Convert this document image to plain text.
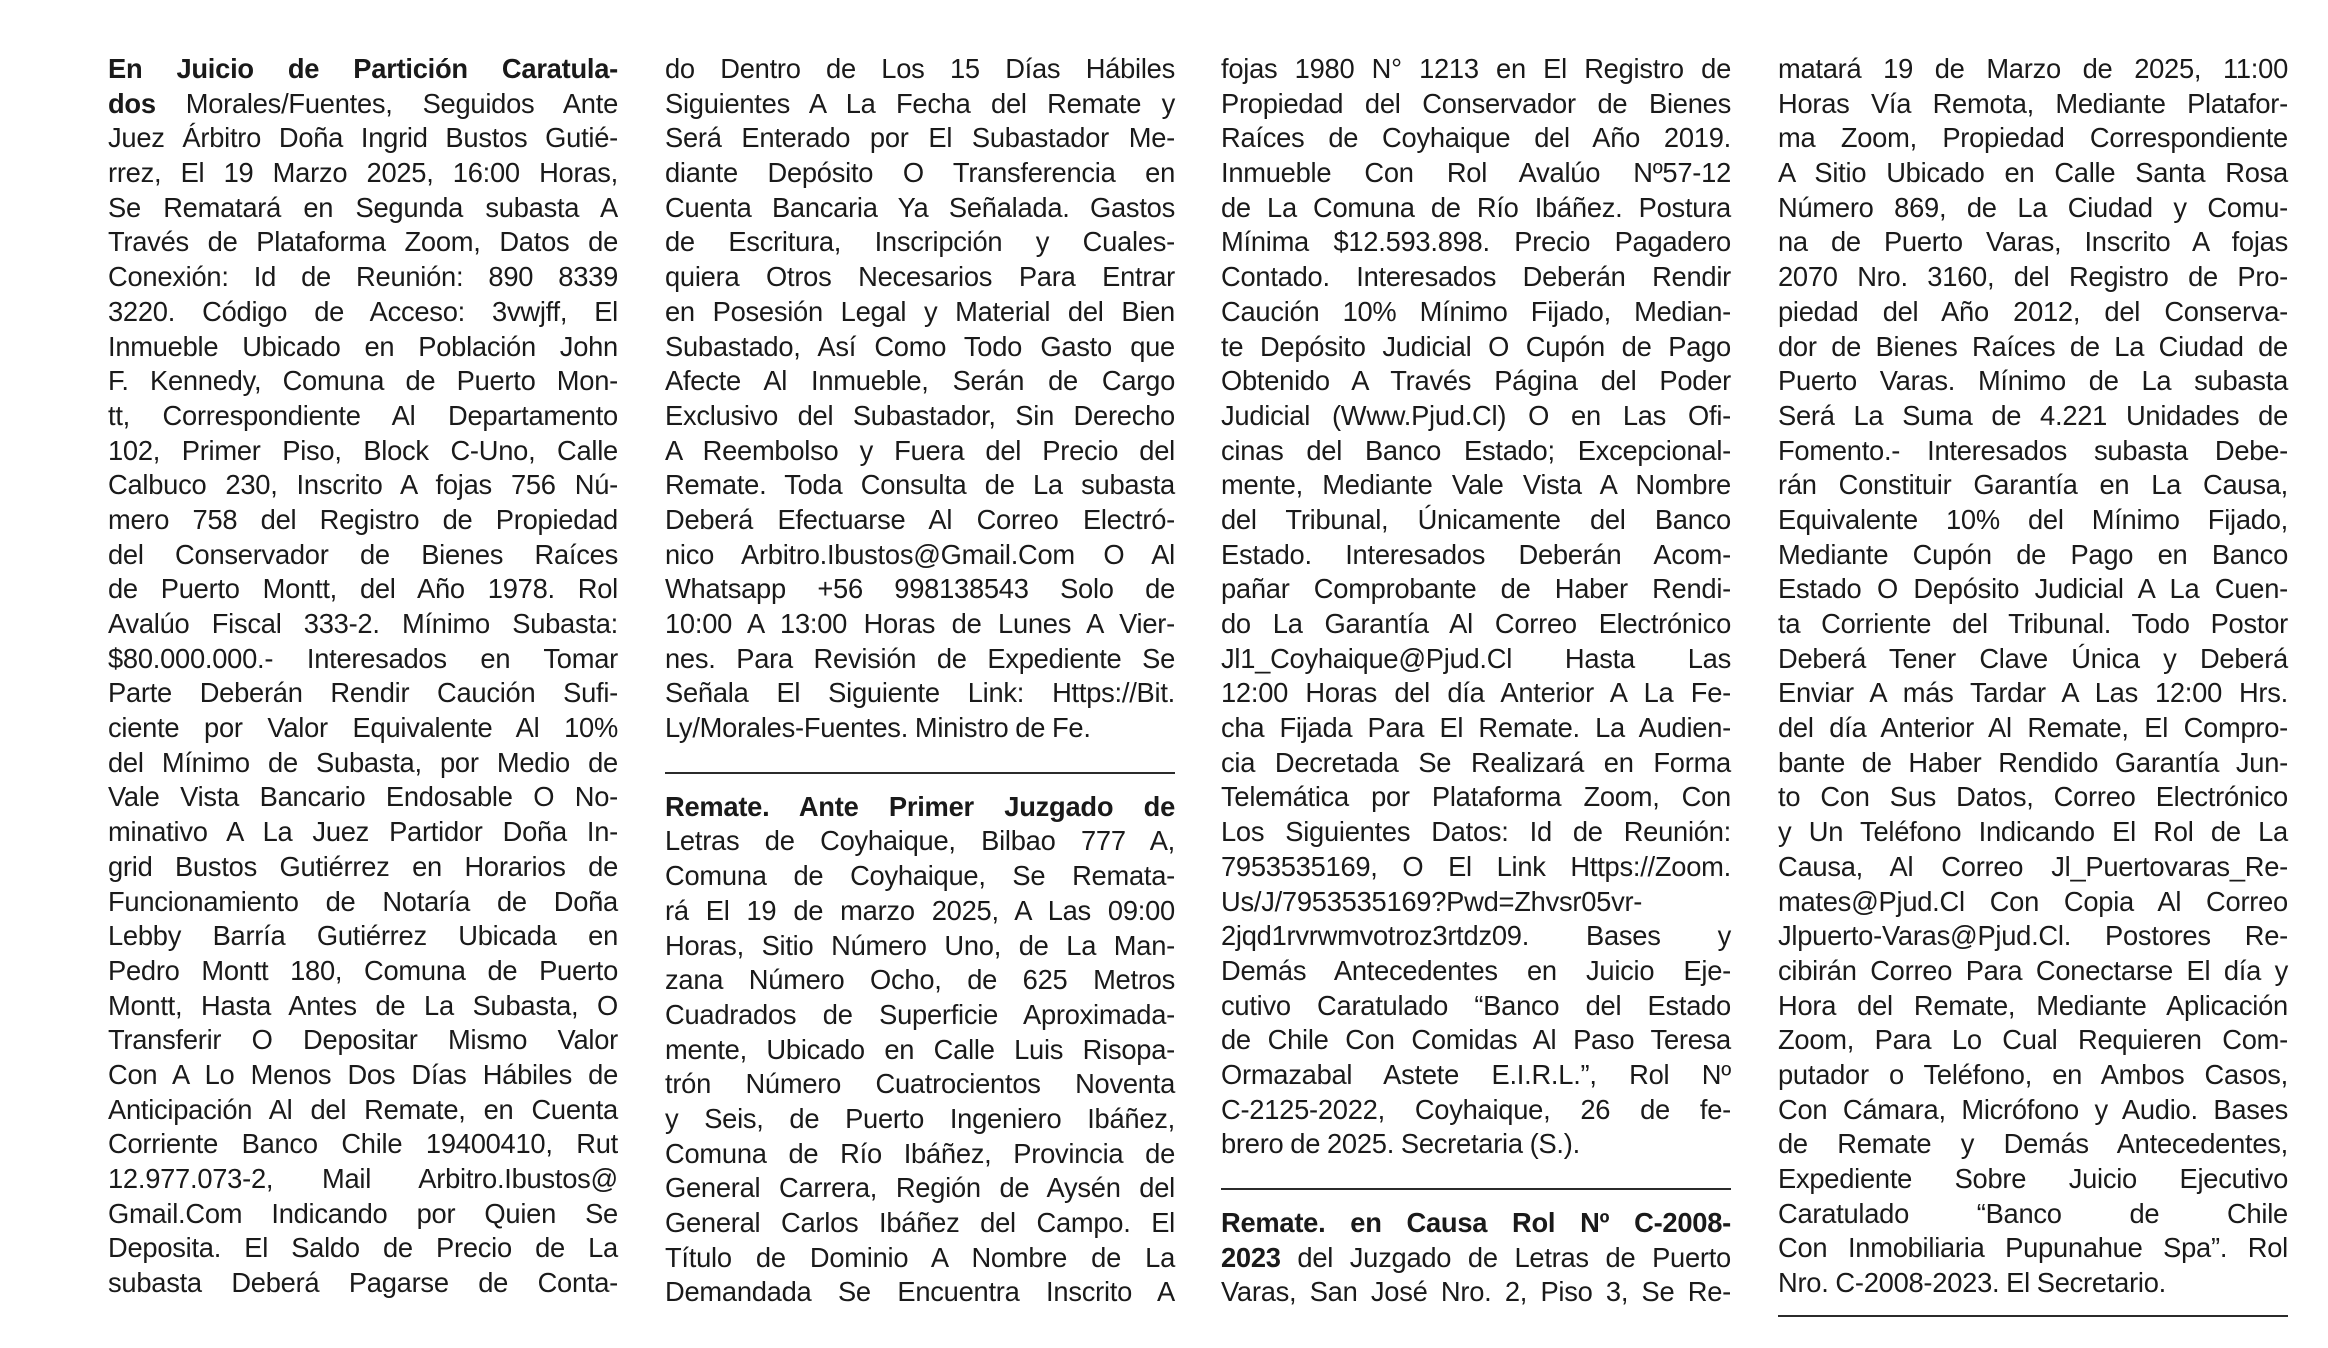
En Juicio de Partición Caratula-
dos Morales/Fuentes, Seguidos Ante
Juez Árbitro Doña Ingrid Bustos Gutié-
rrez, El 19 Marzo 2025, 16:00 Horas,
Se Rematará en Segunda subasta A
Través de Plataforma Zoom, Datos de
Conexión: Id de Reunión: 890 8339
3220. Código de Acceso: 3vwjff, El
Inmueble Ubicado en Población John
F. Kennedy, Comuna de Puerto Mon-
tt, Correspondiente Al Departamento
102, Primer Piso, Block C-Uno, Calle
Calbuco 230, Inscrito A fojas 756 Nú-
mero 758 del Registro de Propiedad
del Conservador de Bienes Raíces
de Puerto Montt, del Año 1978. Rol
Avalúo Fiscal 333-2. Mínimo Subasta:
$80.000.000.- Interesados en Tomar
Parte Deberán Rendir Caución Sufi-
ciente por Valor Equivalente Al 10%
del Mínimo de Subasta, por Medio de
Vale Vista Bancario Endosable O No-
minativo A La Juez Partidor Doña In-
grid Bustos Gutiérrez en Horarios de
Funcionamiento de Notaría de Doña
Lebby Barría Gutiérrez Ubicada en
Pedro Montt 180, Comuna de Puerto
Montt, Hasta Antes de La Subasta, O
Transferir O Depositar Mismo Valor
Con A Lo Menos Dos Días Hábiles de
Anticipación Al del Remate, en Cuenta
Corriente Banco Chile 19400410, Rut
12.977.073-2, Mail Arbitro.Ibustos@
Gmail.Com Indicando por Quien Se
Deposita. El Saldo de Precio de La
subasta Deberá Pagarse de Conta-
do Dentro de Los 15 Días Hábiles
Siguientes A La Fecha del Remate y
Será Enterado por El Subastador Me-
diante Depósito O Transferencia en
Cuenta Bancaria Ya Señalada. Gastos
de Escritura, Inscripción y Cuales-
quiera Otros Necesarios Para Entrar
en Posesión Legal y Material del Bien
Subastado, Así Como Todo Gasto que
Afecte Al Inmueble, Serán de Cargo
Exclusivo del Subastador, Sin Derecho
A Reembolso y Fuera del Precio del
Remate. Toda Consulta de La subasta
Deberá Efectuarse Al Correo Electró-
nico Arbitro.Ibustos@Gmail.Com O Al
Whatsapp +56 998138543 Solo de
10:00 A 13:00 Horas de Lunes A Vier-
nes. Para Revisión de Expediente Se
Señala El Siguiente Link: Https://Bit.
Ly/Morales-Fuentes. Ministro de Fe.
Remate. Ante Primer Juzgado de
Letras de Coyhaique, Bilbao 777 A,
Comuna de Coyhaique, Se Remata-
rá El 19 de marzo 2025, A Las 09:00
Horas, Sitio Número Uno, de La Man-
zana Número Ocho, de 625 Metros
Cuadrados de Superficie Aproximada-
mente, Ubicado en Calle Luis Risopa-
trón Número Cuatrocientos Noventa
y Seis, de Puerto Ingeniero Ibáñez,
Comuna de Río Ibáñez, Provincia de
General Carrera, Región de Aysén del
General Carlos Ibáñez del Campo. El
Título de Dominio A Nombre de La
Demandada Se Encuentra Inscrito A
fojas 1980 N° 1213 en El Registro de
Propiedad del Conservador de Bienes
Raíces de Coyhaique del Año 2019.
Inmueble Con Rol Avalúo Nº57-12
de La Comuna de Río Ibáñez. Postura
Mínima $12.593.898. Precio Pagadero
Contado. Interesados Deberán Rendir
Caución 10% Mínimo Fijado, Median-
te Depósito Judicial O Cupón de Pago
Obtenido A Través Página del Poder
Judicial (Www.Pjud.Cl) O en Las Ofi-
cinas del Banco Estado; Excepcional-
mente, Mediante Vale Vista A Nombre
del Tribunal, Únicamente del Banco
Estado. Interesados Deberán Acom-
pañar Comprobante de Haber Rendi-
do La Garantía Al Correo Electrónico
Jl1_Coyhaique@Pjud.Cl Hasta Las
12:00 Horas del día Anterior A La Fe-
cha Fijada Para El Remate. La Audien-
cia Decretada Se Realizará en Forma
Telemática por Plataforma Zoom, Con
Los Siguientes Datos: Id de Reunión:
7953535169, O El Link Https://Zoom.
Us/J/7953535169?Pwd=Zhvsr05vr-
2jqd1rvrwmvotroz3rtdz09. Bases y
Demás Antecedentes en Juicio Eje-
cutivo Caratulado “Banco del Estado
de Chile Con Comidas Al Paso Teresa
Ormazabal Astete E.I.R.L.”, Rol Nº
C-2125-2022, Coyhaique, 26 de fe-
brero de 2025. Secretaria (S.).
Remate. en Causa Rol Nº C-2008-
2023 del Juzgado de Letras de Puerto
Varas, San José Nro. 2, Piso 3, Se Re-
matará 19 de Marzo de 2025, 11:00
Horas Vía Remota, Mediante Platafor-
ma Zoom, Propiedad Correspondiente
A Sitio Ubicado en Calle Santa Rosa
Número 869, de La Ciudad y Comu-
na de Puerto Varas, Inscrito A fojas
2070 Nro. 3160, del Registro de Pro-
piedad del Año 2012, del Conserva-
dor de Bienes Raíces de La Ciudad de
Puerto Varas. Mínimo de La subasta
Será La Suma de 4.221 Unidades de
Fomento.- Interesados subasta Debe-
rán Constituir Garantía en La Causa,
Equivalente 10% del Mínimo Fijado,
Mediante Cupón de Pago en Banco
Estado O Depósito Judicial A La Cuen-
ta Corriente del Tribunal. Todo Postor
Deberá Tener Clave Única y Deberá
Enviar A más Tardar A Las 12:00 Hrs.
del día Anterior Al Remate, El Compro-
bante de Haber Rendido Garantía Jun-
to Con Sus Datos, Correo Electrónico
y Un Teléfono Indicando El Rol de La
Causa, Al Correo Jl_Puertovaras_Re-
mates@Pjud.Cl Con Copia Al Correo
Jlpuerto-Varas@Pjud.Cl. Postores Re-
cibirán Correo Para Conectarse El día y
Hora del Remate, Mediante Aplicación
Zoom, Para Lo Cual Requieren Com-
putador o Teléfono, en Ambos Casos,
Con Cámara, Micrófono y Audio. Bases
de Remate y Demás Antecedentes,
Expediente Sobre Juicio Ejecutivo
Caratulado “Banco de Chile
Con Inmobiliaria Pupunahue Spa”. Rol
Nro. C-2008-2023. El Secretario.
